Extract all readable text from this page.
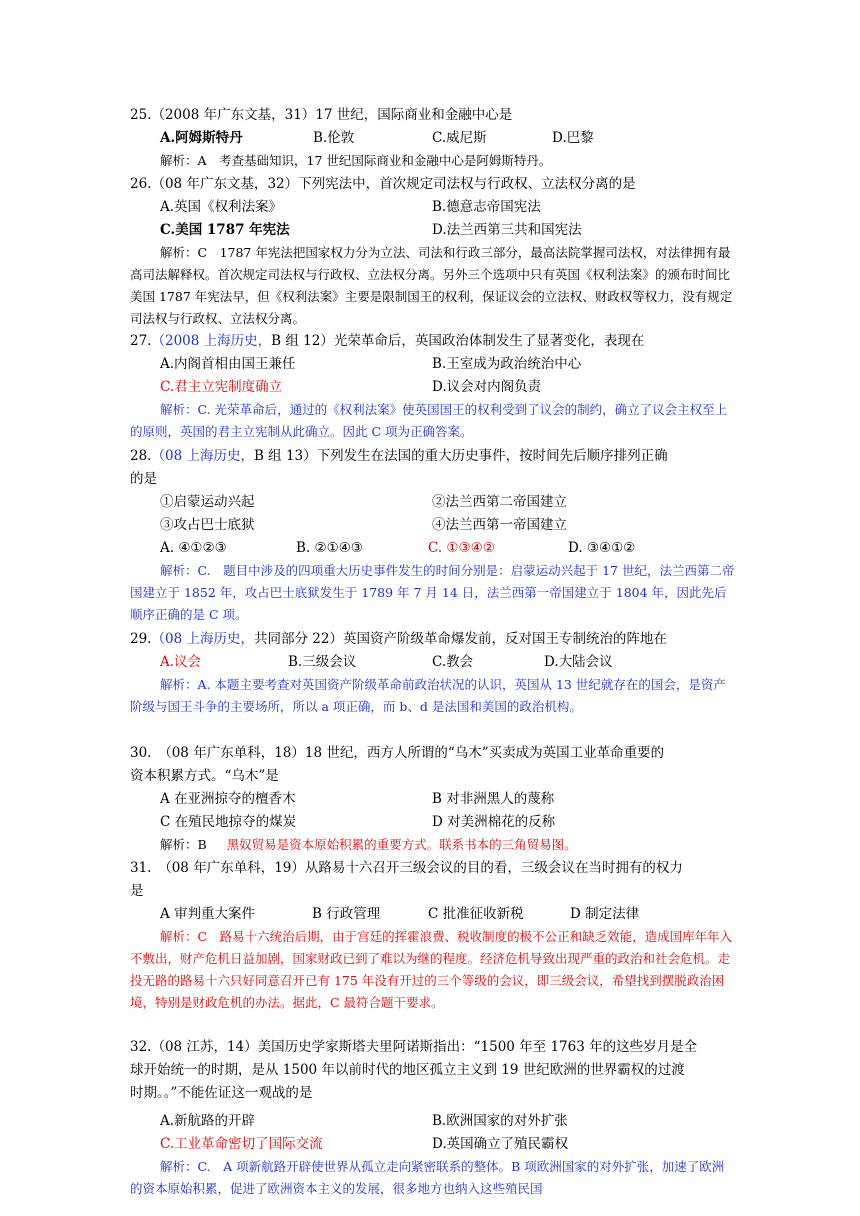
25.（2008 年广东文基，31）17 世纪，国际商业和金融中心是
A.阿姆斯特丹	B.伦敦	C.威尼斯	D.巴黎
解析：A　考查基础知识，17 世纪国际商业和金融中心是阿姆斯特丹。
26.（08 年广东文基，32）下列宪法中，首次规定司法权与行政权、立法权分离的是
A.英国《权利法案》	B.德意志帝国宪法
C.美国 1787 年宪法	D.法兰西第三共和国宪法
解析：C　1787 年宪法把国家权力分为立法、司法和行政三部分，最高法院掌握司法权，对法律拥有最高司法解释权。首次规定司法权与行政权、立法权分离。另外三个选项中只有英国《权利法案》的颁布时间比美国 1787 年宪法早，但《权利法案》主要是限制国王的权利，保证议会的立法权、财政权等权力，没有规定司法权与行政权、立法权分离。
27.（2008 上海历史，B 组 12）光荣革命后，英国政治体制发生了显著变化，表现在
A.内阁首相由国王兼任	B.王室成为政治统治中心
C.君主立宪制度确立	D.议会对内阁负责
解析：C. 光荣革命后，通过的《权利法案》使英国国王的权利受到了议会的制约，确立了议会主权至上的原则，英国的君主立宪制从此确立。因此 C 项为正确答案。
28.（08 上海历史，B 组 13）下列发生在法国的重大历史事件，按时间先后顺序排列正确
的是
①启蒙运动兴起	②法兰西第二帝国建立
③攻占巴士底狱	④法兰西第一帝国建立
A. ④①②③	B. ②①④③	C. ①③④②	D. ③④①②
解析：C.　题目中涉及的四项重大历史事件发生的时间分别是：启蒙运动兴起于 17 世纪，法兰西第二帝国建立于 1852 年，攻占巴士底狱发生于 1789 年 7 月 14 日，法兰西第一帝国建立于 1804 年，因此先后顺序正确的是 C 项。
29.（08 上海历史，共同部分 22）英国资产阶级革命爆发前，反对国王专制统治的阵地在
A.议会	B.三级会议	C.教会	D.大陆会议
解析：A. 本题主要考查对英国资产阶级革命前政治状况的认识，英国从 13 世纪就存在的国会，是资产阶级与国王斗争的主要场所，所以 a 项正确，而 b、d 是法国和美国的政治机构。
30.　（08 年广东单科，18）18 世纪，西方人所谓的“乌木”买卖成为英国工业革命重要的
资本积累方式。“乌木”是
A 在亚洲掠夺的檀香木	B 对非洲黑人的蔑称
C 在殖民地掠夺的煤炭	D 对美洲棉花的反称
解析：B 黑奴贸易是资本原始积累的重要方式。联系书本的三角贸易图。
31.　（08 年广东单科，19）从路易十六召开三级会议的目的看，三级会议在当时拥有的权力
是
A 审判重大案件	B 行政管理	C 批准征收新税	D 制定法律
解析：C　路易十六统治后期，由于宫廷的挥霍浪费、税收制度的极不公正和缺乏效能，造成国库年年入不敷出，财产危机日益加剧，国家财政已到了难以为继的程度。经济危机导致出现严重的政治和社会危机。走投无路的路易十六只好同意召开已有 175 年没有开过的三个等级的会议，即三级会议，希望找到摆脱政治困境，特别是财政危机的办法。据此，C 最符合题干要求。
32.（08 江苏，14）美国历史学家斯塔夫里阿诺斯指出：“1500 年至 1763 年的这些岁月是全
球开始统一的时期，是从 1500 年以前时代的地区孤立主义到 19 世纪欧洲的世界霸权的过渡
时期。。”不能佐证这一观战的是
A.新航路的开辟	B.欧洲国家的对外扩张
C.工业革命密切了国际交流	D.英国确立了殖民霸权
解析：C.　A 项新航路开辟使世界从孤立走向紧密联系的整体。B 项欧洲国家的对外扩张，加速了欧洲的资本原始积累，促进了欧洲资本主义的发展，很多地方也纳入这些殖民国
